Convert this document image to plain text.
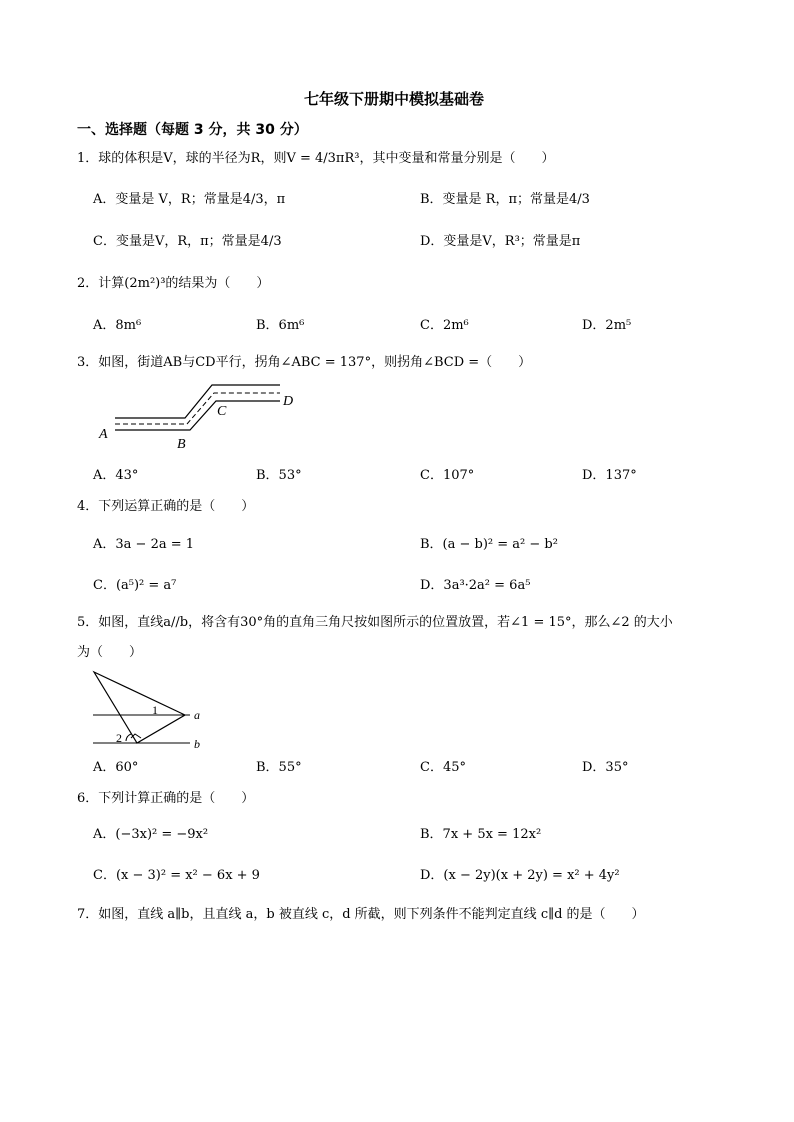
七年级下册期中模拟基础卷
一、选择题（每题 3 分，共 30 分）
1．球的体积是V，球的半径为R，则V = 4/3πR³，其中变量和常量分别是（　　）
A．变量是 V，R；常量是4/3，π	B．变量是 R，π；常量是4/3
C．变量是V，R，π；常量是4/3	D．变量是V，R³；常量是π
2．计算(2m²)³的结果为（　　）
A．8m⁶	B．6m⁶	C．2m⁶	D．2m⁵
3．如图，街道AB与CD平行，拐角∠ABC = 137°，则拐角∠BCD =（　　）
A
B
C
D
A．43°	B．53°	C．107°	D．137°
4．下列运算正确的是（　　）
A．3a − 2a = 1	B．(a − b)² = a² − b²
C．(a⁵)² = a⁷	D．3a³·2a² = 6a⁵
5．如图，直线a//b，将含有30°角的直角三角尺按如图所示的位置放置，若∠1 = 15°，那么∠2 的大小
为（　　）
1
2
a
b
A．60°	B．55°	C．45°	D．35°
6．下列计算正确的是（　　）
A．(−3x)² = −9x²	B．7x + 5x = 12x²
C．(x − 3)² = x² − 6x + 9	D．(x − 2y)(x + 2y) = x² + 4y²
7．如图，直线 a∥b，且直线 a，b 被直线 c，d 所截，则下列条件不能判定直线 c∥d 的是（　　）
